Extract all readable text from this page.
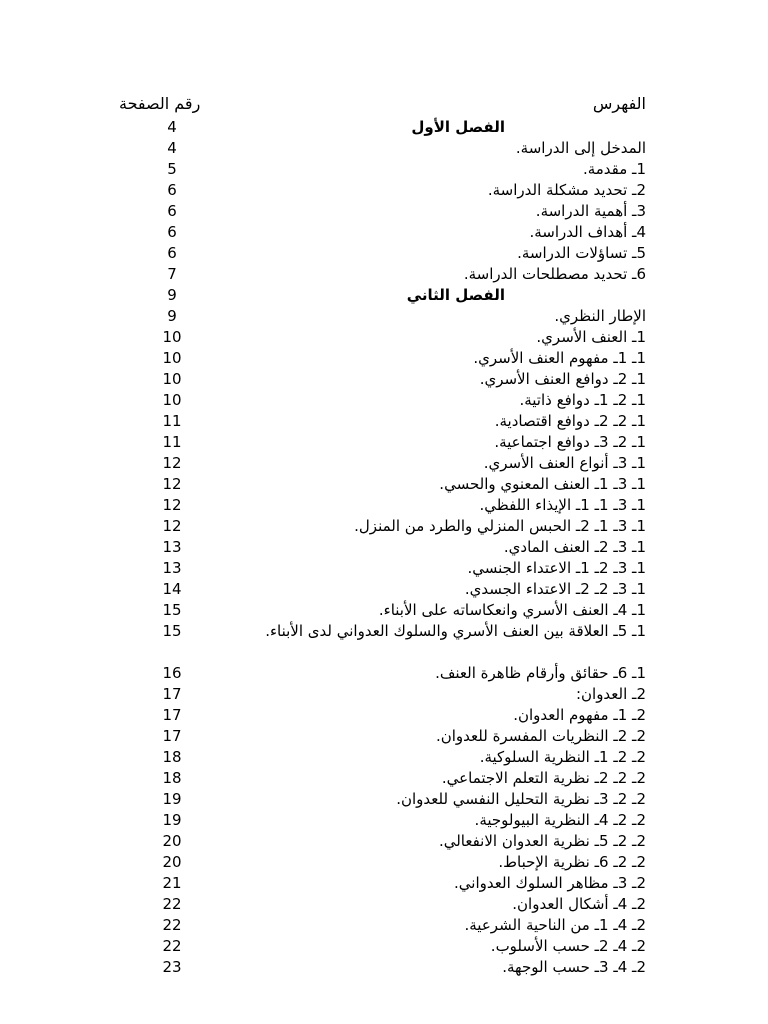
الفهرس
رقم الصفحة
4	الفصل الأول
4	المدخل إلى الدراسة.
5	1ـ مقدمة.
6	2ـ تحديد مشكلة الدراسة.
6	3ـ أهمية الدراسة.
6	4ـ أهداف الدراسة.
6	5ـ تساؤلات الدراسة.
7	6ـ تحديد مصطلحات الدراسة.
9	الفصل الثاني
9	الإطار النظري.
10	1ـ العنف الأسري.
10	1ـ 1ـ مفهوم العنف الأسري.
10	1ـ 2ـ دوافع العنف الأسري.
10	1ـ 2ـ 1ـ دوافع ذاتية.
11	1ـ 2ـ 2ـ دوافع اقتصادية.
11	1ـ 2ـ 3ـ دوافع اجتماعية.
12	1ـ 3ـ أنواع العنف الأسري.
12	1ـ 3ـ 1ـ العنف المعنوي والحسي.
12	1ـ 3ـ 1ـ 1ـ الإيذاء اللفظي.
12	1ـ 3ـ 1ـ 2ـ الحبس المنزلي والطرد من المنزل.
13	1ـ 3ـ 2ـ العنف المادي.
13	1ـ 3ـ 2ـ 1ـ الاعتداء الجنسي.
14	1ـ 3ـ 2ـ 2ـ الاعتداء الجسدي.
15	1ـ 4ـ العنف الأسري وانعكاساته على الأبناء.
15	1ـ 5ـ العلاقة بين العنف الأسري والسلوك العدواني لدى الأبناء.
16	1ـ 6ـ حقائق وأرقام ظاهرة العنف.
17	2ـ العدوان:
17	2ـ 1ـ مفهوم العدوان.
17	2ـ 2ـ النظريات المفسرة للعدوان.
18	2ـ 2ـ 1ـ النظرية السلوكية.
18	2ـ 2ـ 2ـ نظرية التعلم الاجتماعي.
19	2ـ 2ـ 3ـ نظرية التحليل النفسي للعدوان.
19	2ـ 2ـ 4ـ النظرية البيولوجية.
20	2ـ 2ـ 5ـ نظرية العدوان الانفعالي.
20	2ـ 2ـ 6ـ نظرية الإحباط.
21	2ـ 3ـ مظاهر السلوك العدواني.
22	2ـ 4ـ أشكال العدوان.
22	2ـ 4ـ 1ـ من الناحية الشرعية.
22	2ـ 4ـ 2ـ حسب الأسلوب.
23	2ـ 4ـ 3ـ حسب الوجهة.
